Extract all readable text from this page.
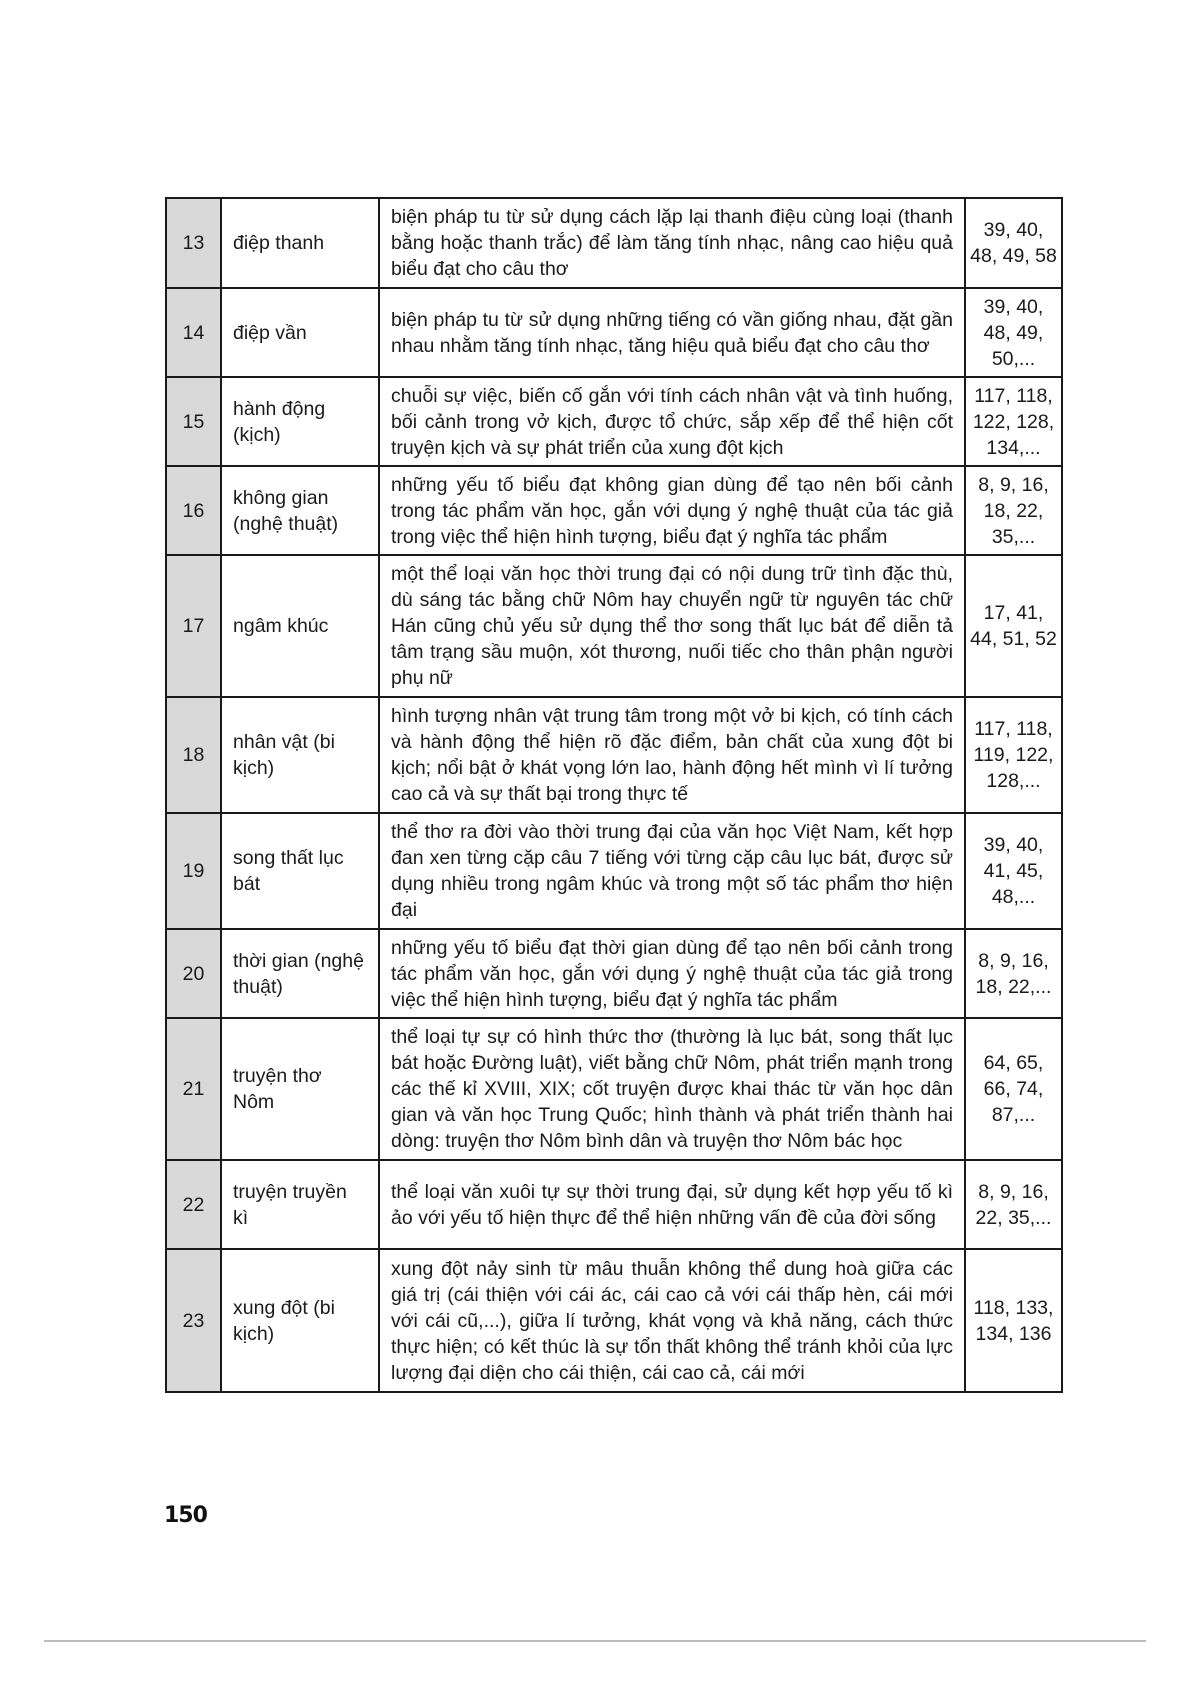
13	điệp thanh	biện pháp tu từ sử dụng cách lặp lại thanh điệu cùng loại (thanh bằng hoặc thanh trắc) để làm tăng tính nhạc, nâng cao hiệu quả biểu đạt cho câu thơ	39, 40, 48, 49, 58
14	điệp vần	biện pháp tu từ sử dụng những tiếng có vần giống nhau, đặt gần nhau nhằm tăng tính nhạc, tăng hiệu quả biểu đạt cho câu thơ	39, 40, 48, 49, 50,...
15	hành động (kịch)	chuỗi sự việc, biến cố gắn với tính cách nhân vật và tình huống, bối cảnh trong vở kịch, được tổ chức, sắp xếp để thể hiện cốt truyện kịch và sự phát triển của xung đột kịch	117, 118, 122, 128, 134,...
16	không gian (nghệ thuật)	những yếu tố biểu đạt không gian dùng để tạo nên bối cảnh trong tác phẩm văn học, gắn với dụng ý nghệ thuật của tác giả trong việc thể hiện hình tượng, biểu đạt ý nghĩa tác phẩm	8, 9, 16, 18, 22, 35,...
17	ngâm khúc	một thể loại văn học thời trung đại có nội dung trữ tình đặc thù, dù sáng tác bằng chữ Nôm hay chuyển ngữ từ nguyên tác chữ Hán cũng chủ yếu sử dụng thể thơ song thất lục bát để diễn tả tâm trạng sầu muộn, xót thương, nuối tiếc cho thân phận người phụ nữ	17, 41, 44, 51, 52
18	nhân vật (bi kịch)	hình tượng nhân vật trung tâm trong một vở bi kịch, có tính cách và hành động thể hiện rõ đặc điểm, bản chất của xung đột bi kịch; nổi bật ở khát vọng lớn lao, hành động hết mình vì lí tưởng cao cả và sự thất bại trong thực tế	117, 118, 119, 122, 128,...
19	song thất lục bát	thể thơ ra đời vào thời trung đại của văn học Việt Nam, kết hợp đan xen từng cặp câu 7 tiếng với từng cặp câu lục bát, được sử dụng nhiều trong ngâm khúc và trong một số tác phẩm thơ hiện đại	39, 40, 41, 45, 48,...
20	thời gian (nghệ thuật)	những yếu tố biểu đạt thời gian dùng để tạo nên bối cảnh trong tác phẩm văn học, gắn với dụng ý nghệ thuật của tác giả trong việc thể hiện hình tượng, biểu đạt ý nghĩa tác phẩm	8, 9, 16, 18, 22,...
21	truyện thơ Nôm	thể loại tự sự có hình thức thơ (thường là lục bát, song thất lục bát hoặc Đường luật), viết bằng chữ Nôm, phát triển mạnh trong các thế kỉ XVIII, XIX; cốt truyện được khai thác từ văn học dân gian và văn học Trung Quốc; hình thành và phát triển thành hai dòng: truyện thơ Nôm bình dân và truyện thơ Nôm bác học	64, 65, 66, 74, 87,...
22	truyện truyền kì	thể loại văn xuôi tự sự thời trung đại, sử dụng kết hợp yếu tố kì ảo với yếu tố hiện thực để thể hiện những vấn đề của đời sống	8, 9, 16, 22, 35,...
23	xung đột (bi kịch)	xung đột nảy sinh từ mâu thuẫn không thể dung hoà giữa các giá trị (cái thiện với cái ác, cái cao cả với cái thấp hèn, cái mới với cái cũ,...), giữa lí tưởng, khát vọng và khả năng, cách thức thực hiện; có kết thúc là sự tổn thất không thể tránh khỏi của lực lượng đại diện cho cái thiện, cái cao cả, cái mới	118, 133, 134, 136
150
